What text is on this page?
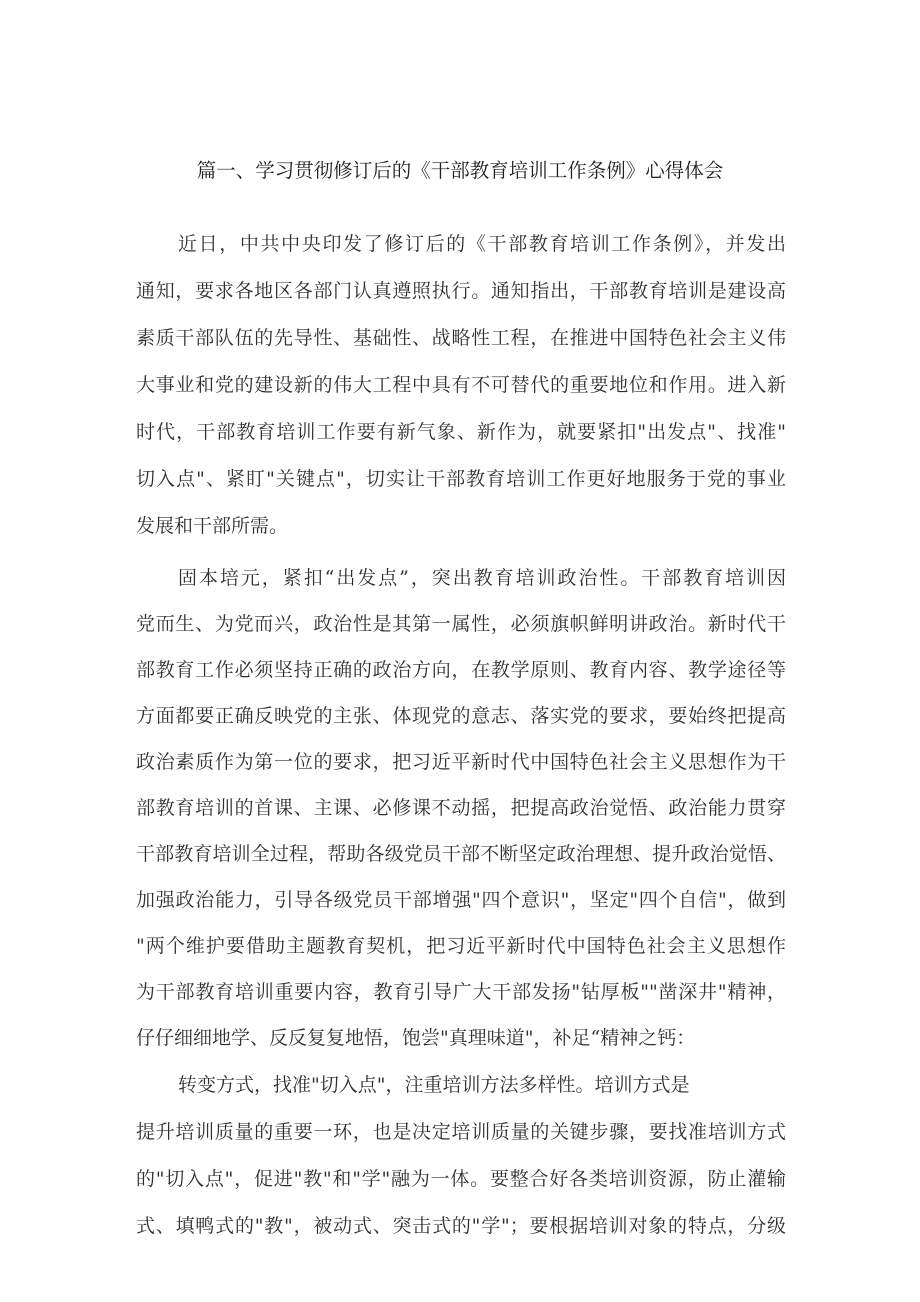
篇一、学习贯彻修订后的《干部教育培训工作条例》心得体会
近日，中共中央印发了修订后的《干部教育培训工作条例》，并发出
通知，要求各地区各部门认真遵照执行。通知指出，干部教育培训是建设高
素质干部队伍的先导性、基础性、战略性工程，在推进中国特色社会主义伟
大事业和党的建设新的伟大工程中具有不可替代的重要地位和作用。进入新
时代，干部教育培训工作要有新气象、新作为，就要紧扣"出发点"、找准"
切入点"、紧盯"关键点"，切实让干部教育培训工作更好地服务于党的事业
发展和干部所需。
固本培元，紧扣“出发点”，突出教育培训政治性。干部教育培训因
党而生、为党而兴，政治性是其第一属性，必须旗帜鲜明讲政治。新时代干
部教育工作必须坚持正确的政治方向，在教学原则、教育内容、教学途径等
方面都要正确反映党的主张、体现党的意志、落实党的要求，要始终把提高
政治素质作为第一位的要求，把习近平新时代中国特色社会主义思想作为干
部教育培训的首课、主课、必修课不动摇，把提高政治觉悟、政治能力贯穿
干部教育培训全过程，帮助各级党员干部不断坚定政治理想、提升政治觉悟、
加强政治能力，引导各级党员干部增强"四个意识"，坚定"四个自信"，做到
"两个维护要借助主题教育契机，把习近平新时代中国特色社会主义思想作
为干部教育培训重要内容，教育引导广大干部发扬"钻厚板""凿深井"精神，
仔仔细细地学、反反复复地悟，饱尝"真理味道"，补足“精神之钙：
转变方式，找准"切入点"，注重培训方法多样性。培训方式是
提升培训质量的重要一环，也是决定培训质量的关键步骤，要找准培训方式
的"切入点"，促进"教"和"学"融为一体。要整合好各类培训资源，防止灌输
式、填鸭式的"教"，被动式、突击式的"学"；要根据培训对象的特点，分级
